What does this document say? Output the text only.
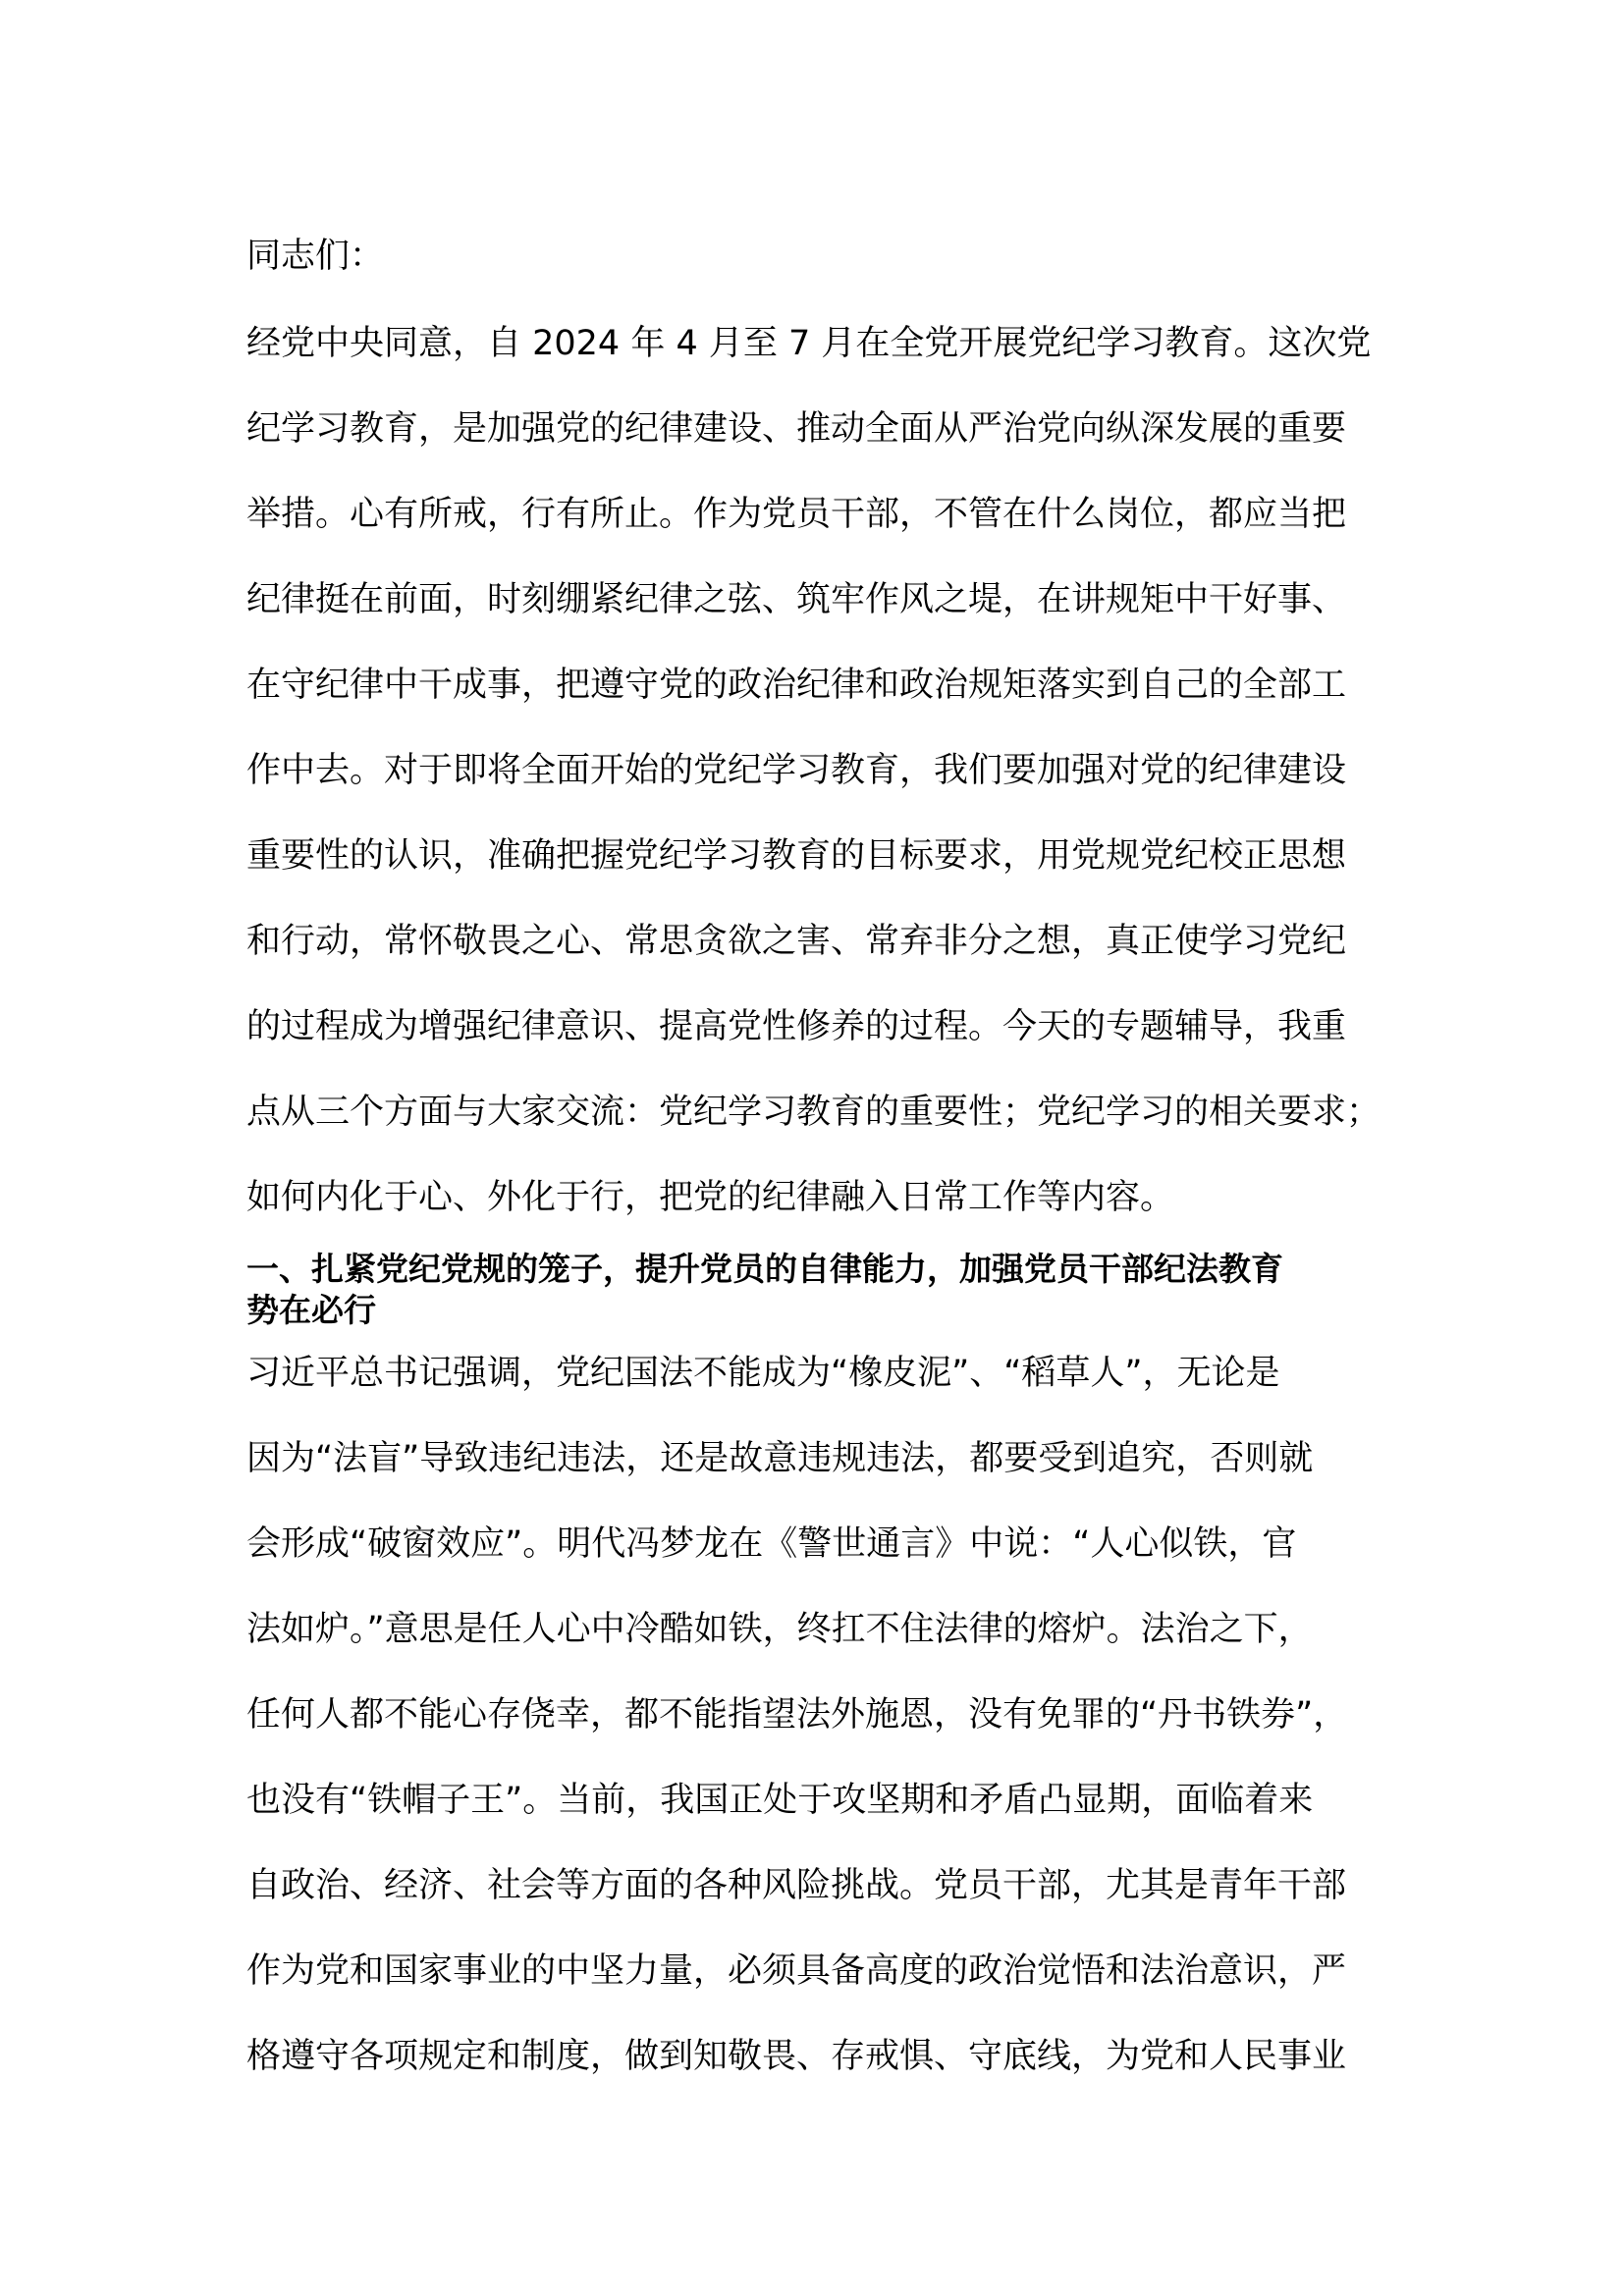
同志们：
经党中央同意，自 2024 年 4 月至 7 月在全党开展党纪学习教育。这次党
纪学习教育，是加强党的纪律建设、推动全面从严治党向纵深发展的重要
举措。心有所戒，行有所止。作为党员干部，不管在什么岗位，都应当把
纪律挺在前面，时刻绷紧纪律之弦、筑牢作风之堤，在讲规矩中干好事、
在守纪律中干成事，把遵守党的政治纪律和政治规矩落实到自己的全部工
作中去。对于即将全面开始的党纪学习教育，我们要加强对党的纪律建设
重要性的认识，准确把握党纪学习教育的目标要求，用党规党纪校正思想
和行动，常怀敬畏之心、常思贪欲之害、常弃非分之想，真正使学习党纪
的过程成为增强纪律意识、提高党性修养的过程。今天的专题辅导，我重
点从三个方面与大家交流：党纪学习教育的重要性；党纪学习的相关要求；
如何内化于心、外化于行，把党的纪律融入日常工作等内容。
一、扎紧党纪党规的笼子，提升党员的自律能力，加强党员干部纪法教育
势在必行
习近平总书记强调，党纪国法不能成为“橡皮泥”、“稻草人”，无论是
因为“法盲”导致违纪违法，还是故意违规违法，都要受到追究，否则就
会形成“破窗效应”。明代冯梦龙在《警世通言》中说：“人心似铁，官
法如炉。”意思是任人心中冷酷如铁，终扛不住法律的熔炉。法治之下，
任何人都不能心存侥幸，都不能指望法外施恩，没有免罪的“丹书铁券”，
也没有“铁帽子王”。当前，我国正处于攻坚期和矛盾凸显期，面临着来
自政治、经济、社会等方面的各种风险挑战。党员干部，尤其是青年干部
作为党和国家事业的中坚力量，必须具备高度的政治觉悟和法治意识，严
格遵守各项规定和制度，做到知敬畏、存戒惧、守底线，为党和人民事业
